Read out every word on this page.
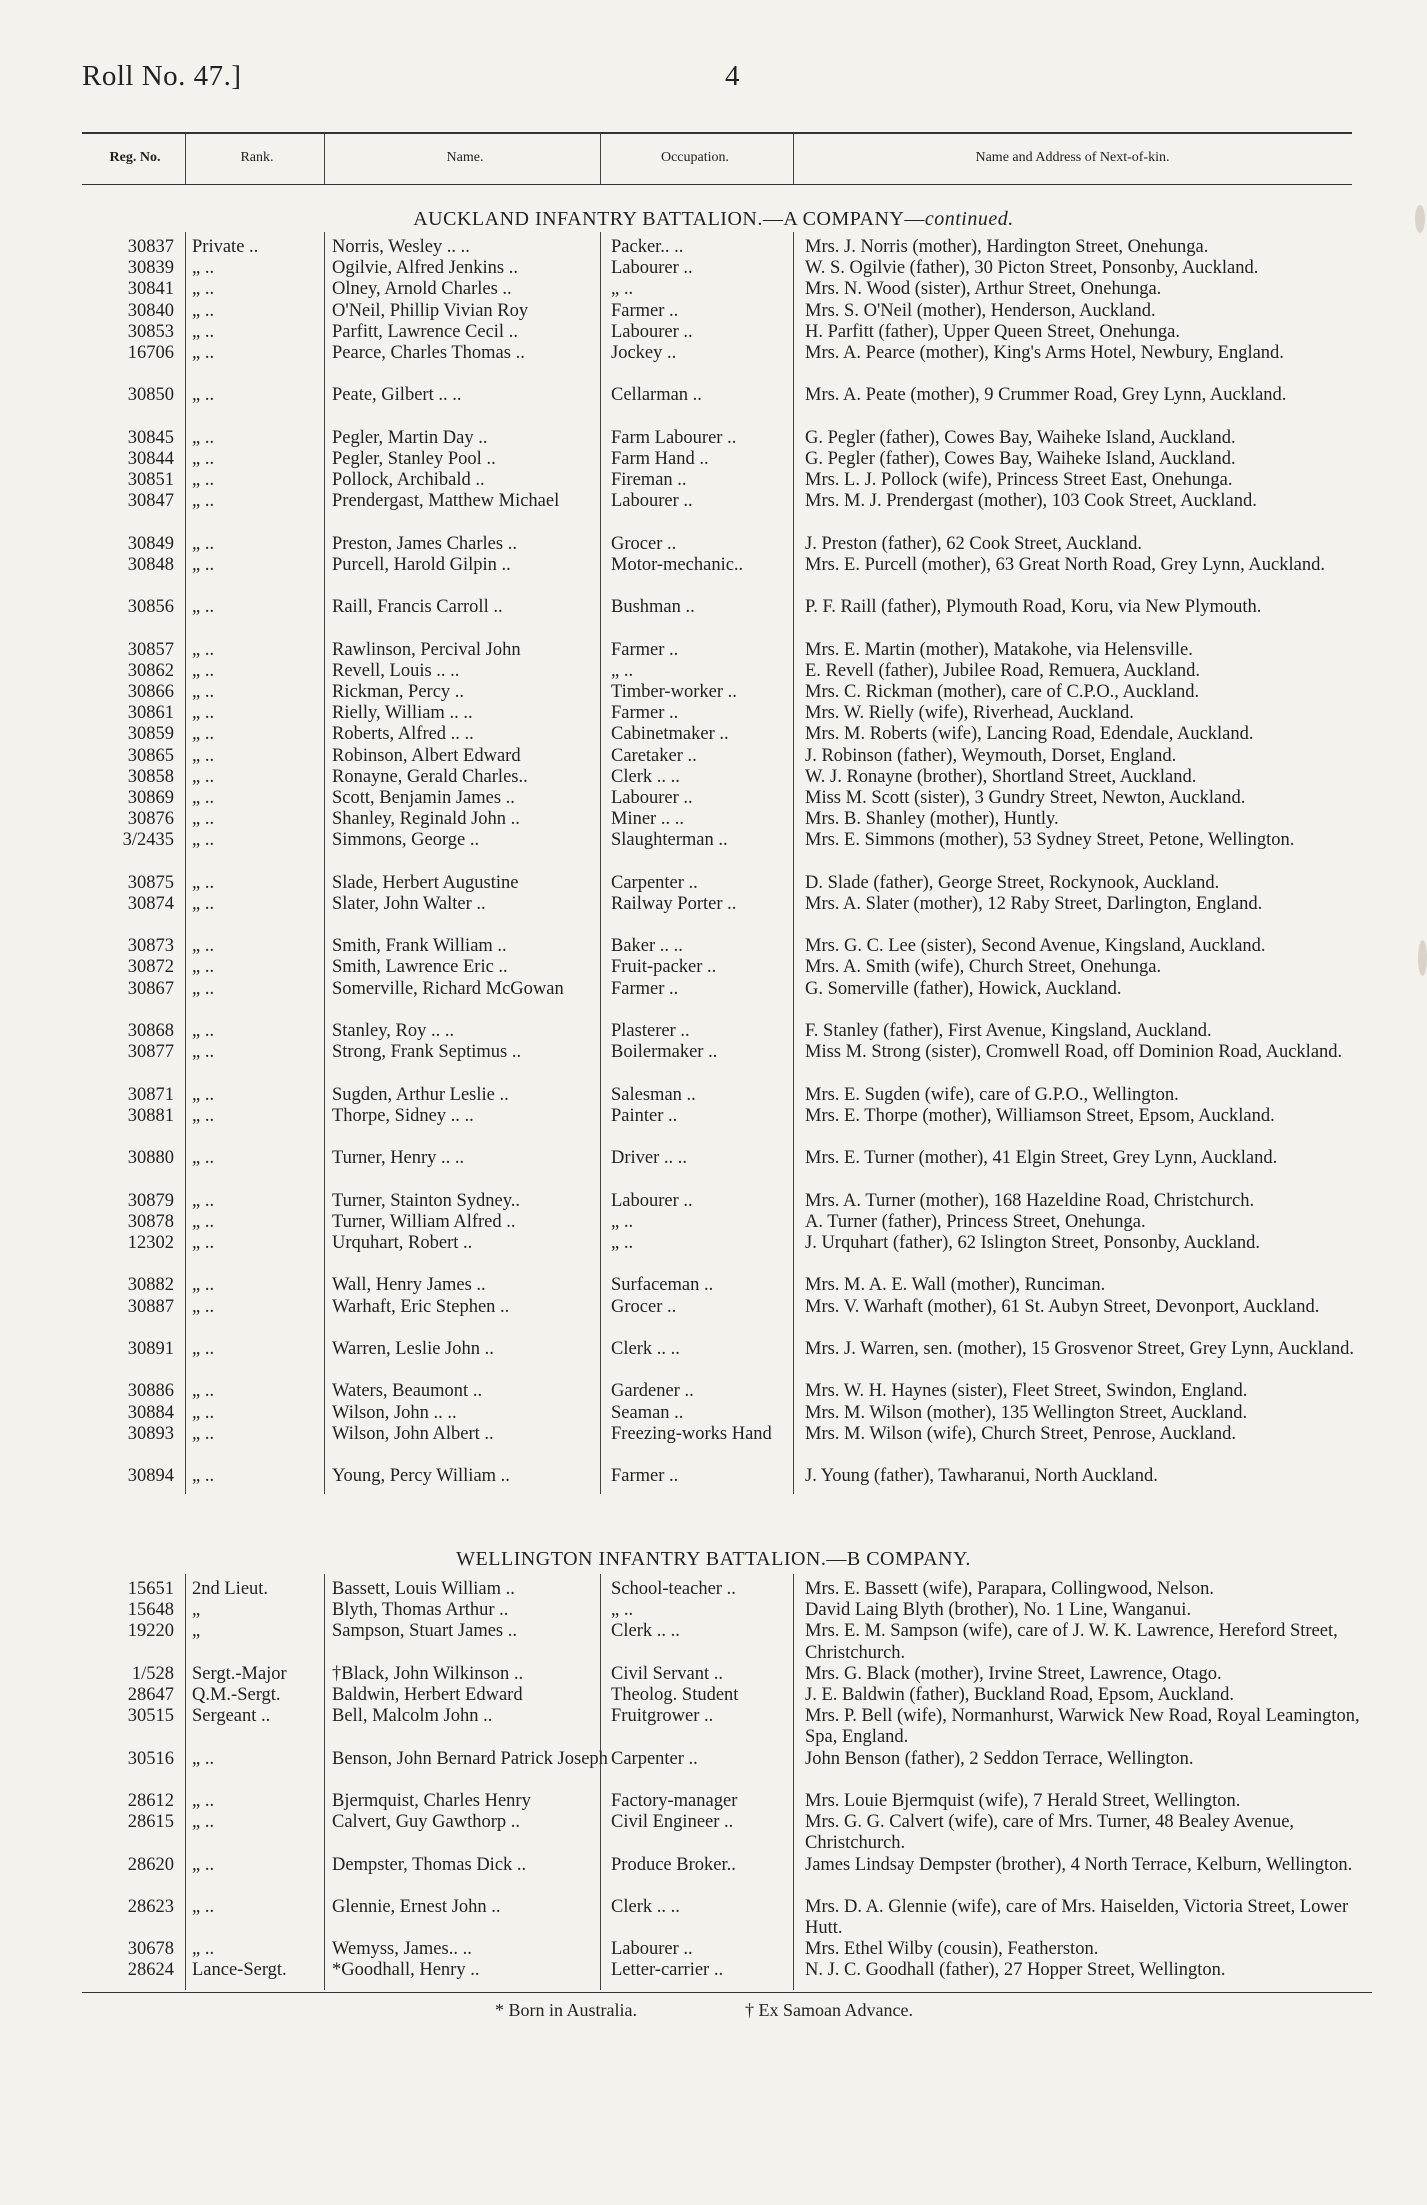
Roll No. 47.]	4
Reg. No.	Rank.	Name.	Occupation.	Name and Address of Next-of-kin.
AUCKLAND INFANTRY BATTALION.—A COMPANY—continued.
30837 Private ..	Norris, Wesley .. ..	Packer.. ..	Mrs. J. Norris (mother), Hardington Street, Onehunga.
30839 „ ..	Ogilvie, Alfred Jenkins ..	Labourer ..	W. S. Ogilvie (father), 30 Picton Street, Ponsonby, Auckland.
30841 „ ..	Olney, Arnold Charles ..	„ ..	Mrs. N. Wood (sister), Arthur Street, Onehunga.
30840 „ ..	O'Neil, Phillip Vivian Roy	Farmer ..	Mrs. S. O'Neil (mother), Henderson, Auckland.
30853 „ ..	Parfitt, Lawrence Cecil ..	Labourer ..	H. Parfitt (father), Upper Queen Street, Onehunga.
16706 „ ..	Pearce, Charles Thomas ..	Jockey ..	Mrs. A. Pearce (mother), King's Arms Hotel, Newbury, England.
30850 „ ..	Peate, Gilbert .. ..	Cellarman ..	Mrs. A. Peate (mother), 9 Crummer Road, Grey Lynn, Auckland.
30845 „ ..	Pegler, Martin Day ..	Farm Labourer ..	G. Pegler (father), Cowes Bay, Waiheke Island, Auckland.
30844 „ ..	Pegler, Stanley Pool ..	Farm Hand ..	G. Pegler (father), Cowes Bay, Waiheke Island, Auckland.
30851 „ ..	Pollock, Archibald ..	Fireman ..	Mrs. L. J. Pollock (wife), Princess Street East, Onehunga.
30847 „ ..	Prendergast, Matthew Michael	Labourer ..	Mrs. M. J. Prendergast (mother), 103 Cook Street, Auckland.
30849 „ ..	Preston, James Charles ..	Grocer ..	J. Preston (father), 62 Cook Street, Auckland.
30848 „ ..	Purcell, Harold Gilpin ..	Motor-mechanic..	Mrs. E. Purcell (mother), 63 Great North Road, Grey Lynn, Auckland.
30856 „ ..	Raill, Francis Carroll ..	Bushman ..	P. F. Raill (father), Plymouth Road, Koru, via New Plymouth.
30857 „ ..	Rawlinson, Percival John	Farmer ..	Mrs. E. Martin (mother), Matakohe, via Helensville.
30862 „ ..	Revell, Louis .. ..	„ ..	E. Revell (father), Jubilee Road, Remuera, Auckland.
30866 „ ..	Rickman, Percy ..	Timber-worker ..	Mrs. C. Rickman (mother), care of C.P.O., Auckland.
30861 „ ..	Rielly, William .. ..	Farmer ..	Mrs. W. Rielly (wife), Riverhead, Auckland.
30859 „ ..	Roberts, Alfred .. ..	Cabinetmaker ..	Mrs. M. Roberts (wife), Lancing Road, Edendale, Auckland.
30865 „ ..	Robinson, Albert Edward	Caretaker ..	J. Robinson (father), Weymouth, Dorset, England.
30858 „ ..	Ronayne, Gerald Charles..	Clerk .. ..	W. J. Ronayne (brother), Shortland Street, Auckland.
30869 „ ..	Scott, Benjamin James ..	Labourer ..	Miss M. Scott (sister), 3 Gundry Street, Newton, Auckland.
30876 „ ..	Shanley, Reginald John ..	Miner .. ..	Mrs. B. Shanley (mother), Huntly.
3/2435 „ ..	Simmons, George ..	Slaughterman ..	Mrs. E. Simmons (mother), 53 Sydney Street, Petone, Wellington.
30875 „ ..	Slade, Herbert Augustine	Carpenter ..	D. Slade (father), George Street, Rockynook, Auckland.
30874 „ ..	Slater, John Walter ..	Railway Porter ..	Mrs. A. Slater (mother), 12 Raby Street, Darlington, England.
30873 „ ..	Smith, Frank William ..	Baker .. ..	Mrs. G. C. Lee (sister), Second Avenue, Kingsland, Auckland.
30872 „ ..	Smith, Lawrence Eric ..	Fruit-packer ..	Mrs. A. Smith (wife), Church Street, Onehunga.
30867 „ ..	Somerville, Richard McGowan	Farmer ..	G. Somerville (father), Howick, Auckland.
30868 „ ..	Stanley, Roy .. ..	Plasterer ..	F. Stanley (father), First Avenue, Kingsland, Auckland.
30877 „ ..	Strong, Frank Septimus ..	Boilermaker ..	Miss M. Strong (sister), Cromwell Road, off Dominion Road, Auckland.
30871 „ ..	Sugden, Arthur Leslie ..	Salesman ..	Mrs. E. Sugden (wife), care of G.P.O., Wellington.
30881 „ ..	Thorpe, Sidney .. ..	Painter ..	Mrs. E. Thorpe (mother), Williamson Street, Epsom, Auckland.
30880 „ ..	Turner, Henry .. ..	Driver .. ..	Mrs. E. Turner (mother), 41 Elgin Street, Grey Lynn, Auckland.
30879 „ ..	Turner, Stainton Sydney..	Labourer ..	Mrs. A. Turner (mother), 168 Hazeldine Road, Christchurch.
30878 „ ..	Turner, William Alfred ..	„ ..	A. Turner (father), Princess Street, Onehunga.
12302 „ ..	Urquhart, Robert ..	„ ..	J. Urquhart (father), 62 Islington Street, Ponsonby, Auckland.
30882 „ ..	Wall, Henry James ..	Surfaceman ..	Mrs. M. A. E. Wall (mother), Runciman.
30887 „ ..	Warhaft, Eric Stephen ..	Grocer ..	Mrs. V. Warhaft (mother), 61 St. Aubyn Street, Devonport, Auckland.
30891 „ ..	Warren, Leslie John ..	Clerk .. ..	Mrs. J. Warren, sen. (mother), 15 Grosvenor Street, Grey Lynn, Auckland.
30886 „ ..	Waters, Beaumont ..	Gardener ..	Mrs. W. H. Haynes (sister), Fleet Street, Swindon, England.
30884 „ ..	Wilson, John .. ..	Seaman ..	Mrs. M. Wilson (mother), 135 Wellington Street, Auckland.
30893 „ ..	Wilson, John Albert ..	Freezing-works Hand Mrs. M. Wilson (wife), Church Street, Penrose, Auckland.
30894 „ ..	Young, Percy William ..	Farmer ..	J. Young (father), Tawharanui, North Auckland.
WELLINGTON INFANTRY BATTALION.—B COMPANY.
15651 2nd Lieut.	Bassett, Louis William ..	School-teacher ..	Mrs. E. Bassett (wife), Parapara, Collingwood, Nelson.
15648 „	Blyth, Thomas Arthur ..	„ ..	David Laing Blyth (brother), No. 1 Line, Wanganui.
19220 „	Sampson, Stuart James ..	Clerk .. ..	Mrs. E. M. Sampson (wife), care of J. W. K. Lawrence, Hereford Street, Christchurch.
1/528 Sergt.-Major	†Black, John Wilkinson ..	Civil Servant ..	Mrs. G. Black (mother), Irvine Street, Lawrence, Otago.
28647 Q.M.-Sergt.	Baldwin, Herbert Edward	Theolog. Student	J. E. Baldwin (father), Buckland Road, Epsom, Auckland.
30515 Sergeant ..	Bell, Malcolm John ..	Fruitgrower ..	Mrs. P. Bell (wife), Normanhurst, Warwick New Road, Royal Leamington, Spa, England.
30516 „ ..	Benson, John Bernard Patrick Joseph Carpenter ..	John Benson (father), 2 Seddon Terrace, Wellington.
28612 „ ..	Bjermquist, Charles Henry	Factory-manager	Mrs. Louie Bjermquist (wife), 7 Herald Street, Wellington.
28615 „ ..	Calvert, Guy Gawthorp ..	Civil Engineer ..	Mrs. G. G. Calvert (wife), care of Mrs. Turner, 48 Bealey Avenue, Christchurch.
28620 „ ..	Dempster, Thomas Dick ..	Produce Broker..	James Lindsay Dempster (brother), 4 North Terrace, Kelburn, Wellington.
28623 „ ..	Glennie, Ernest John ..	Clerk .. ..	Mrs. D. A. Glennie (wife), care of Mrs. Haiselden, Victoria Street, Lower Hutt.
30678 „ ..	Wemyss, James.. ..	Labourer ..	Mrs. Ethel Wilby (cousin), Featherston.
28624 Lance-Sergt.	*Goodhall, Henry ..	Letter-carrier ..	N. J. C. Goodhall (father), 27 Hopper Street, Wellington.
* Born in Australia.	† Ex Samoan Advance.
